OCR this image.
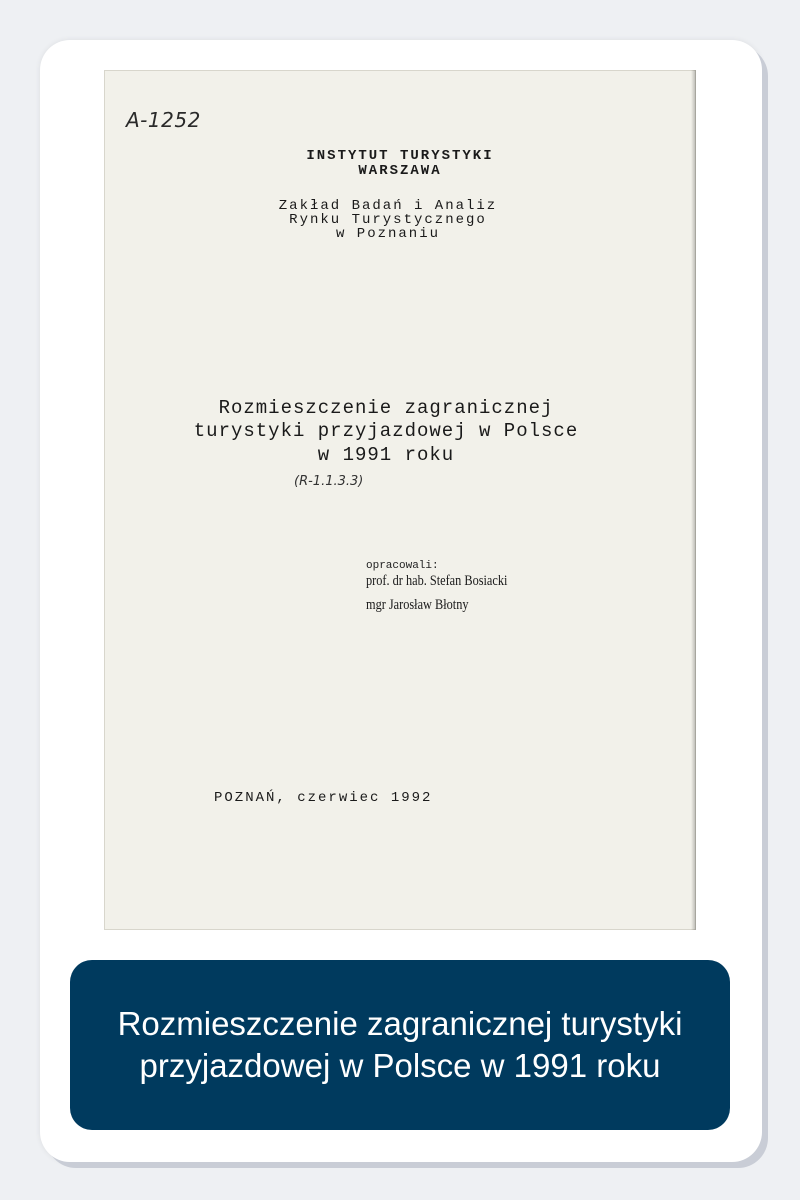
A-1252
INSTYTUT TURYSTYKI
WARSZAWA
Zakład Badań i Analiz
Rynku Turystycznego
w Poznaniu
Rozmieszczenie zagranicznej
turystyki przyjazdowej w Polsce
w 1991 roku
(R-1.1.3.3)
opracowali:
prof. dr hab. Stefan Bosiacki
mgr Jarosław Błotny
POZNAŃ, czerwiec 1992
Rozmieszczenie zagranicznej turystyki przyjazdowej w Polsce w 1991 roku
